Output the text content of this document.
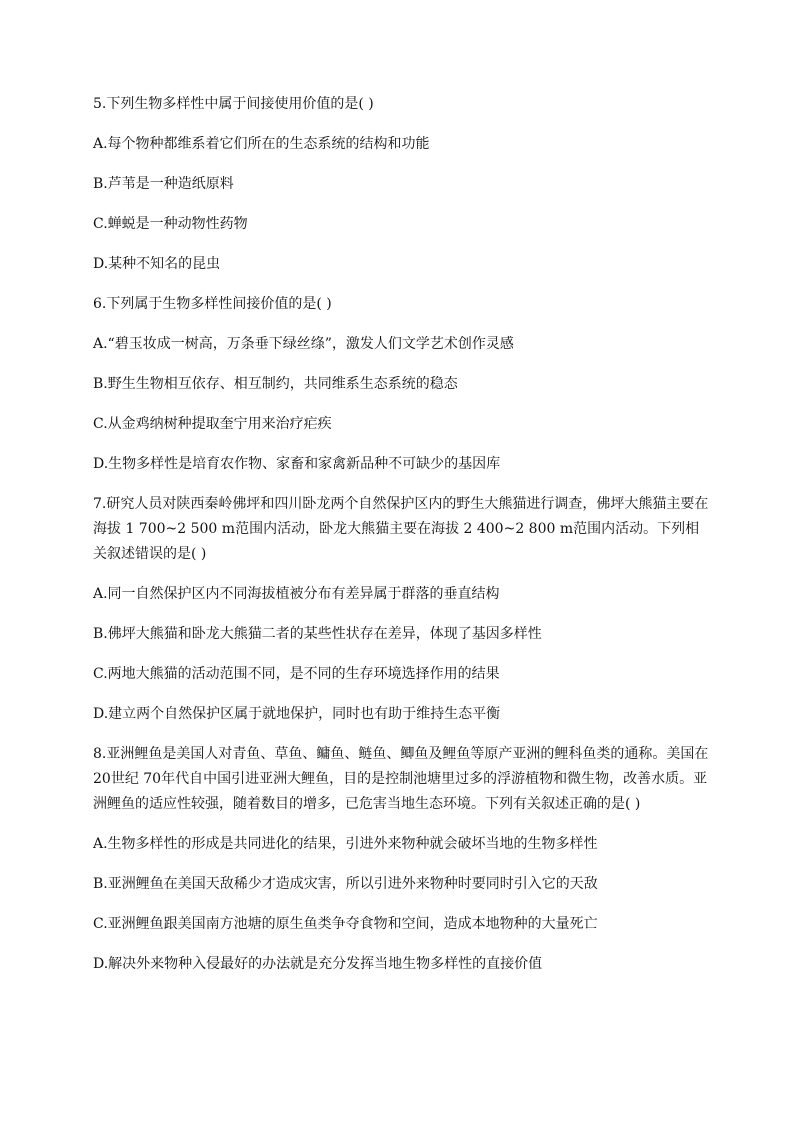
5.下列生物多样性中属于间接使用价值的是( )

A.每个物种都维系着它们所在的生态系统的结构和功能

B.芦苇是一种造纸原料

C.蝉蜕是一种动物性药物

D.某种不知名的昆虫

6.下列属于生物多样性间接价值的是( )

A.“碧玉妆成一树高，万条垂下绿丝绦”，激发人们文学艺术创作灵感

B.野生生物相互依存、相互制约，共同维系生态系统的稳态

C.从金鸡纳树种提取奎宁用来治疗疟疾

D.生物多样性是培育农作物、家畜和家禽新品种不可缺少的基因库

7.研究人员对陕西秦岭佛坪和四川卧龙两个自然保护区内的野生大熊猫进行调查，佛坪大熊猫主要在海拔 1 700~2 500 m范围内活动，卧龙大熊猫主要在海拔 2 400~2 800 m范围内活动。下列相关叙述错误的是( )

A.同一自然保护区内不同海拔植被分布有差异属于群落的垂直结构

B.佛坪大熊猫和卧龙大熊猫二者的某些性状存在差异，体现了基因多样性

C.两地大熊猫的活动范围不同，是不同的生存环境选择作用的结果

D.建立两个自然保护区属于就地保护，同时也有助于维持生态平衡

8.亚洲鲤鱼是美国人对青鱼、草鱼、鳙鱼、鲢鱼、鲫鱼及鲤鱼等原产亚洲的鲤科鱼类的通称。美国在 20世纪 70年代自中国引进亚洲大鲤鱼，目的是控制池塘里过多的浮游植物和微生物，改善水质。亚洲鲤鱼的适应性较强，随着数目的增多，已危害当地生态环境。下列有关叙述正确的是( )

A.生物多样性的形成是共同进化的结果，引进外来物种就会破坏当地的生物多样性

B.亚洲鲤鱼在美国天敌稀少才造成灾害，所以引进外来物种时要同时引入它的天敌

C.亚洲鲤鱼跟美国南方池塘的原生鱼类争夺食物和空间，造成本地物种的大量死亡

D.解决外来物种入侵最好的办法就是充分发挥当地生物多样性的直接价值
